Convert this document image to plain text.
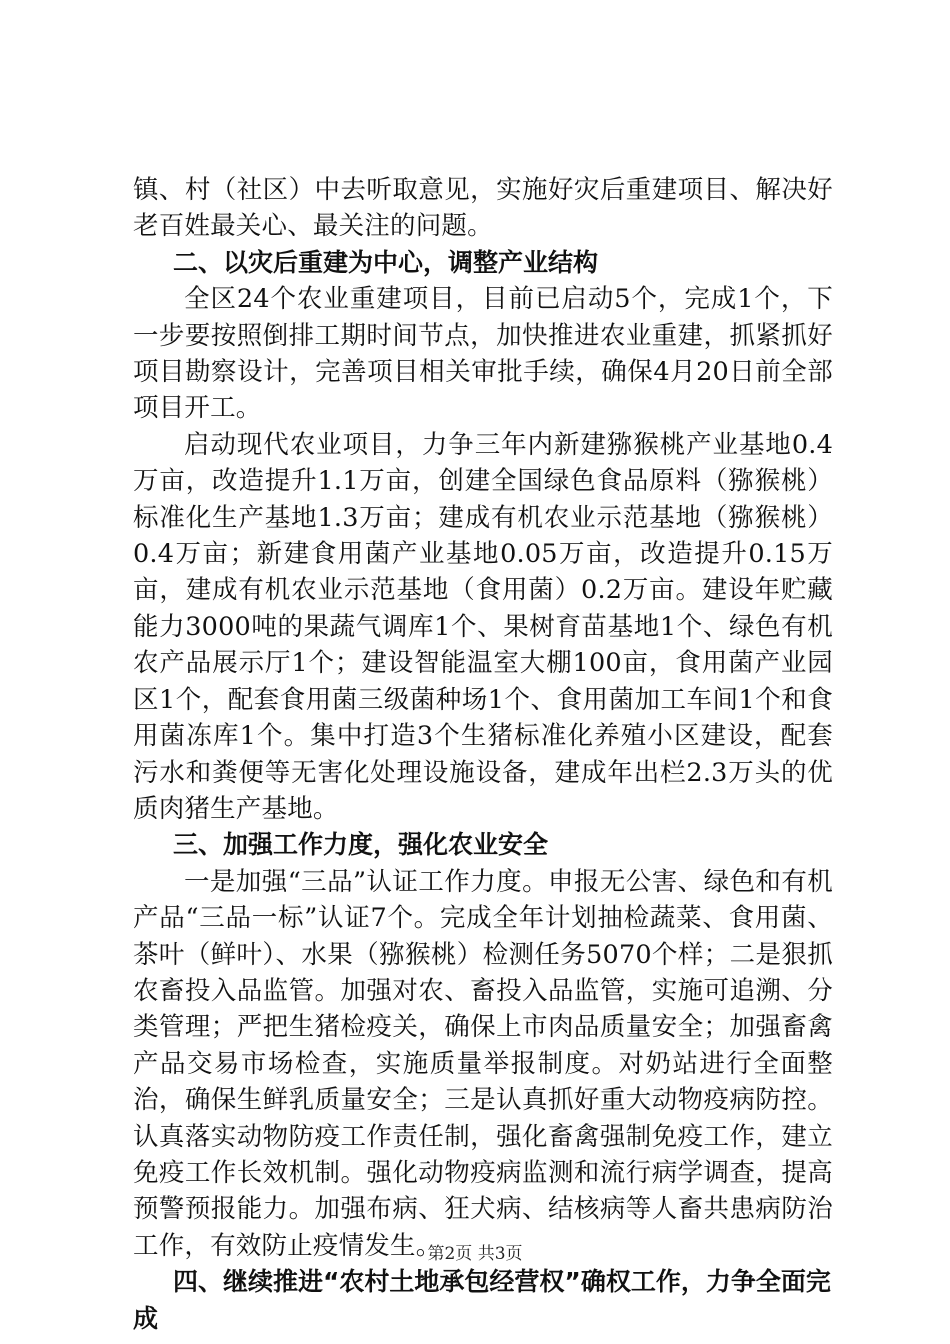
镇、村（社区）中去听取意见，实施好灾后重建项目、解决好老百姓最关心、最关注的问题。

二、以灾后重建为中心，调整产业结构

全区24个农业重建项目，目前已启动5个，完成1个，下一步要按照倒排工期时间节点，加快推进农业重建，抓紧抓好项目勘察设计，完善项目相关审批手续，确保4月20日前全部项目开工。

启动现代农业项目，力争三年内新建猕猴桃产业基地0.4万亩，改造提升1.1万亩，创建全国绿色食品原料（猕猴桃）标准化生产基地1.3万亩；建成有机农业示范基地（猕猴桃）0.4万亩；新建食用菌产业基地0.05万亩，改造提升0.15万亩，建成有机农业示范基地（食用菌）0.2万亩。建设年贮藏能力3000吨的果蔬气调库1个、果树育苗基地1个、绿色有机农产品展示厅1个；建设智能温室大棚100亩，食用菌产业园区1个，配套食用菌三级菌种场1个、食用菌加工车间1个和食用菌冻库1个。集中打造3个生猪标准化养殖小区建设，配套污水和粪便等无害化处理设施设备，建成年出栏2.3万头的优质肉猪生产基地。

三、加强工作力度，强化农业安全

一是加强“三品”认证工作力度。申报无公害、绿色和有机产品“三品一标”认证7个。完成全年计划抽检蔬菜、食用菌、茶叶（鲜叶）、水果（猕猴桃）检测任务5070个样；二是狠抓农畜投入品监管。加强对农、畜投入品监管，实施可追溯、分类管理；严把生猪检疫关，确保上市肉品质量安全；加强畜禽产品交易市场检查，实施质量举报制度。对奶站进行全面整治，确保生鲜乳质量安全；三是认真抓好重大动物疫病防控。认真落实动物防疫工作责任制，强化畜禽强制免疫工作，建立免疫工作长效机制。强化动物疫病监测和流行病学调查，提高预警预报能力。加强布病、狂犬病、结核病等人畜共患病防治工作，有效防止疫情发生。

四、继续推进“农村土地承包经营权”确权工作，力争全面完成

第2页 共3页
